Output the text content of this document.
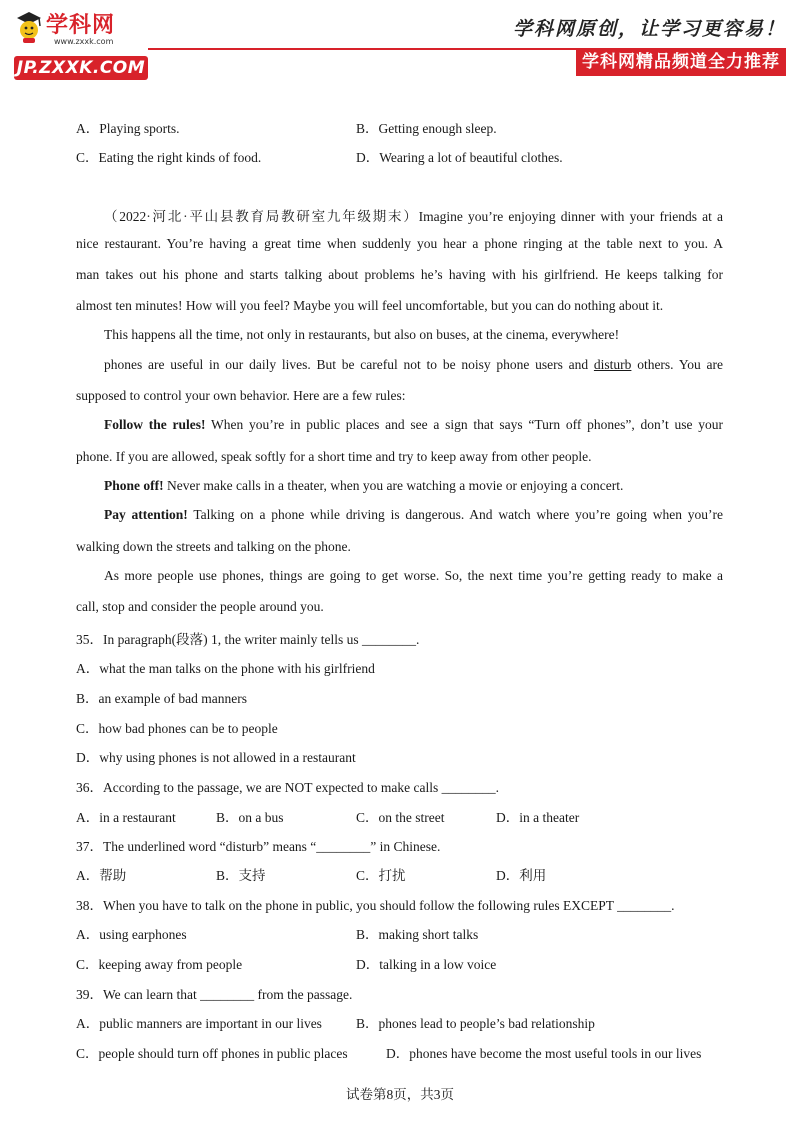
学科网
www.zxxk.com
JP.ZXXK.COM
学科网原创，让学习更容易！
学科网精品频道全力推荐
A．Playing sports.	B．Getting enough sleep.
C．Eating the right kinds of food.	D．Wearing a lot of beautiful clothes.
（2022·河北·平山县教育局教研室九年级期末）Imagine you’re enjoying dinner with your friends at a
nice restaurant. You’re having a great time when suddenly you hear a phone ringing at the table next to you. A
man takes out his phone and starts talking about problems he’s having with his girlfriend. He keeps talking for
almost ten minutes! How will you feel? Maybe you will feel uncomfortable, but you can do nothing about it.
This happens all the time, not only in restaurants, but also on buses, at the cinema, everywhere!
phones are useful in our daily lives. But be careful not to be noisy phone users and disturb others. You are
supposed to control your own behavior. Here are a few rules:
Follow the rules! When you’re in public places and see a sign that says “Turn off phones”, don’t use your
phone. If you are allowed, speak softly for a short time and try to keep away from other people.
Phone off! Never make calls in a theater, when you are watching a movie or enjoying a concert.
Pay attention! Talking on a phone while driving is dangerous. And watch where you’re going when you’re
walking down the streets and talking on the phone.
As more people use phones, things are going to get worse. So, the next time you’re getting ready to make a
call, stop and consider the people around you.
35．In paragraph(段落) 1, the writer mainly tells us ________.
A．what the man talks on the phone with his girlfriend
B．an example of bad manners
C．how bad phones can be to people
D．why using phones is not allowed in a restaurant
36．According to the passage, we are NOT expected to make calls ________.
A．in a restaurant	B．on a bus	C．on the street	D．in a theater
37．The underlined word “disturb” means “________” in Chinese.
A．帮助	B．支持	C．打扰	D．利用
38．When you have to talk on the phone in public, you should follow the following rules EXCEPT ________.
A．using earphones	B．making short talks
C．keeping away from people	D．talking in a low voice
39．We can learn that ________ from the passage.
A．public manners are important in our lives	B．phones lead to people’s bad relationship
C．people should turn off phones in public places	D．phones have become the most useful tools in our lives
试卷第8页，共3页
